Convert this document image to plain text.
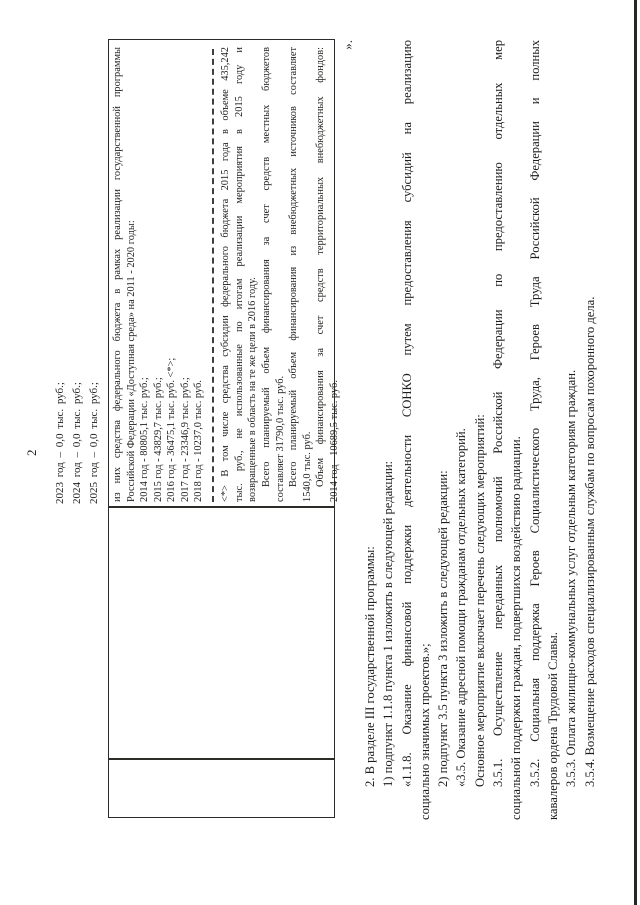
2 2023 год – 0,0 тыс. руб.; 2024 год – 0,0 тыс. руб.; 2025 год – 0,0 тыс. руб.; из них средства федерального бюджета в рамках реализации государственной программы Российской Федерации «Доступная среда» на 2011 - 2020 годы: 2014 год - 80805,1 тыс. руб.; 2015 год - 43829,7 тыс. руб.; 2016 год - 36475,1 тыс. руб. <*>; 2017 год - 23346,9 тыс. руб.; 2018 год - 10237,0 тыс. руб. <*> В том числе средства субсидии федерального бюджета 2015 года в объеме 435,242 тыс. руб., не использованные по итогам реализации мероприятия в 2015 году и возвращенные в область на те же цели в 2016 году. Всего планируемый объем финансирования за счет средств местных бюджетов составляет 31790,0 тыс. руб. Всего планируемый объем финансирования из внебюджетных источников составляет 1540,0 тыс. руб. Объем финансирования за счет средств территориальных внебюджетных фондов: 2014 год - 10689,5 тыс. руб.
».
2. В разделе III государственной программы: 1) подпункт 1.1.8 пункта 1 изложить в следующей редакции: «1.1.8. Оказание финансовой поддержки деятельности СОНКО путем предоставления субсидий на реализацию социально значимых проектов.»; 2) подпункт 3.5 пункта 3 изложить в следующей редакции: «3.5. Оказание адресной помощи гражданам отдельных категорий. Основное мероприятие включает перечень следующих мероприятий: 3.5.1. Осуществление переданных полномочий Российской Федерации по предоставлению отдельных мер социальной поддержки граждан, подвергшихся воздействию радиации. 3.5.2. Социальная поддержка Героев Социалистического Труда, Героев Труда Российской Федерации и полных кавалеров ордена Трудовой Славы. 3.5.3. Оплата жилищно-коммунальных услуг отдельным категориям граждан. 3.5.4. Возмещение расходов специализированным службам по вопросам похоронного дела.
